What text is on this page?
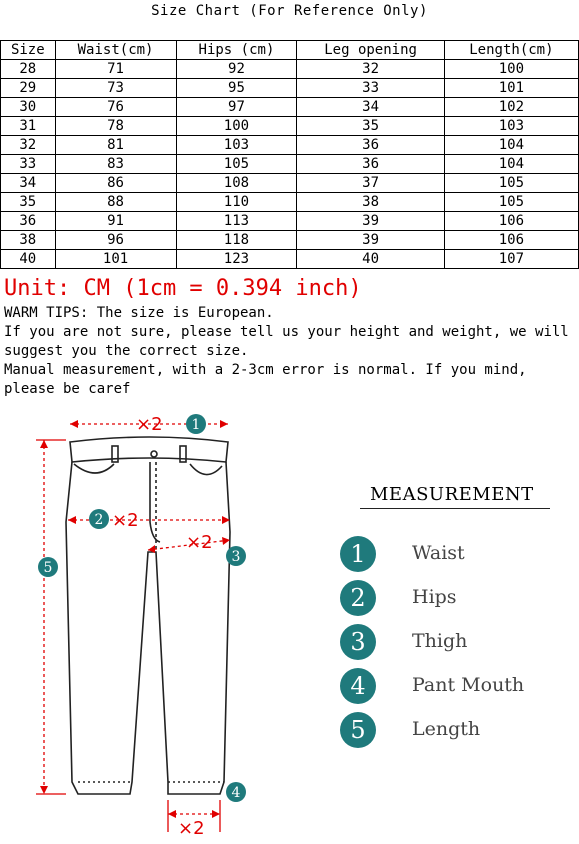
Size Chart (For Reference Only)
Size	Waist(cm)	Hips (cm)	Leg opening	Length(cm)
28	71	92	32	100
29	73	95	33	101
30	76	97	34	102
31	78	100	35	103
32	81	103	36	104
33	83	105	36	104
34	86	108	37	105
35	88	110	38	105
36	91	113	39	106
38	96	118	39	106
40	101	123	40	107
Unit: CM (1cm = 0.394 inch)

WARM TIPS: The size is European.

If you are not sure, please tell us your height and weight, we will suggest you the correct size.

Manual measurement, with a 2-3cm error is normal. If you mind, please be caref

×2
×2
×2
×2
1
2
3
4
5
MEASUREMENT
1	Waist
2	Hips
3	Thigh
4	Pant Mouth
5	Length
